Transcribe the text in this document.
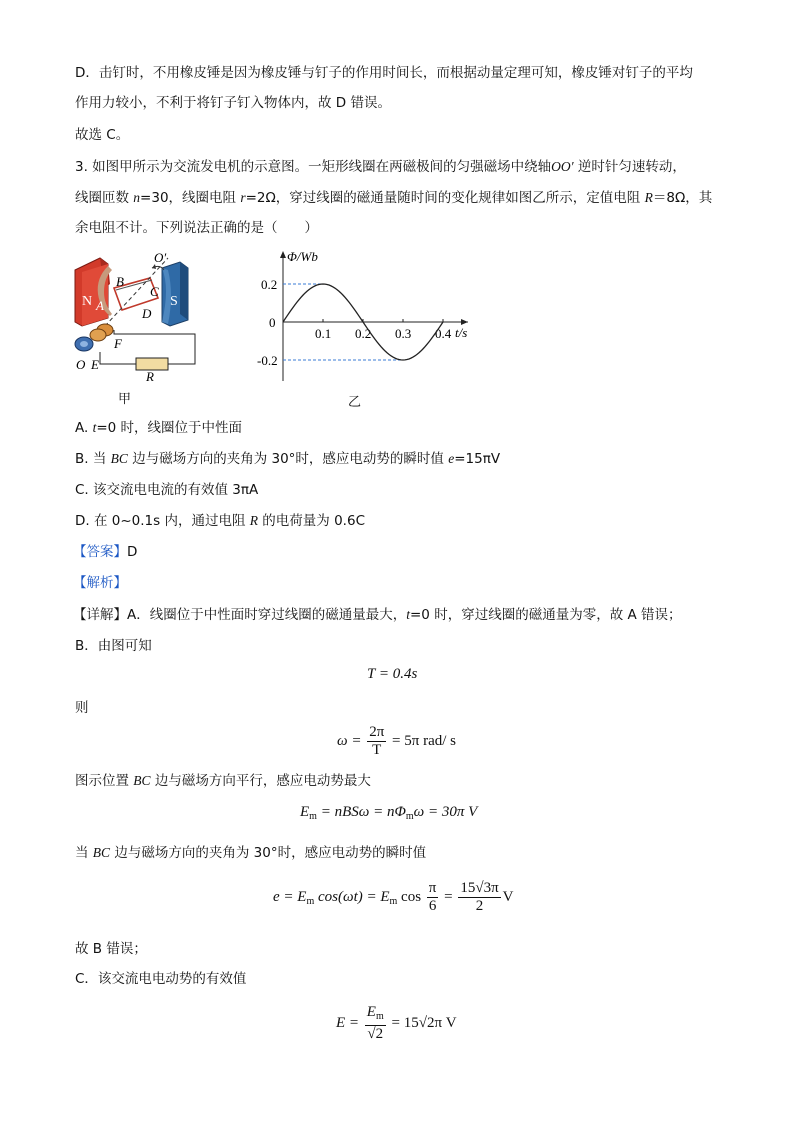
D．击钉时，不用橡皮锤是因为橡皮锤与钉子的作用时间长，而根据动量定理可知，橡皮锤对钉子的平均
作用力较小，不利于将钉子钉入物体内，故 D 错误。
故选 C。
3. 如图甲所示为交流发电机的示意图。一矩形线圈在两磁极间的匀强磁场中绕轴OO′ 逆时针匀速转动，
线圈匝数 n=30，线圈电阻 r=2Ω，穿过线圈的磁通量随时间的变化规律如图乙所示，定值电阻 R＝8Ω，其
余电阻不计。下列说法正确的是（　　）
N	S
O′
B
C
A
D
F
O E
R
甲
Φ/Wb
t/s
0
0.2
-0.2
0.1 0.2 0.3 0.4
乙
A. t=0 时，线圈位于中性面
B. 当 BC 边与磁场方向的夹角为 30°时，感应电动势的瞬时值 e=15πV
C. 该交流电电流的有效值 3πA
D. 在 0~0.1s 内，通过电阻 R 的电荷量为 0.6C
【答案】D
【解析】
【详解】A．线圈位于中性面时穿过线圈的磁通量最大，t=0 时，穿过线圈的磁通量为零，故 A 错误；
B．由图可知
T = 0.4s
则
$\omega = \frac{2\pi}{T} = 5\pi$ rad/ s
图示位置 BC 边与磁场方向平行，感应电动势最大
$E_m = nBS\omega = n\Phi_m\omega = 30\pi$ V
当 BC 边与磁场方向的夹角为 30°时，感应电动势的瞬时值
$e = E_m$ $\cos(\omega t) = E_m$ $\cos \frac{\pi}{6} = \frac{15√3\pi}{2}$ V
故 B 错误；
C．该交流电电动势的有效值
$E = \frac{E_m}{√2} = 15√2\pi$ V
